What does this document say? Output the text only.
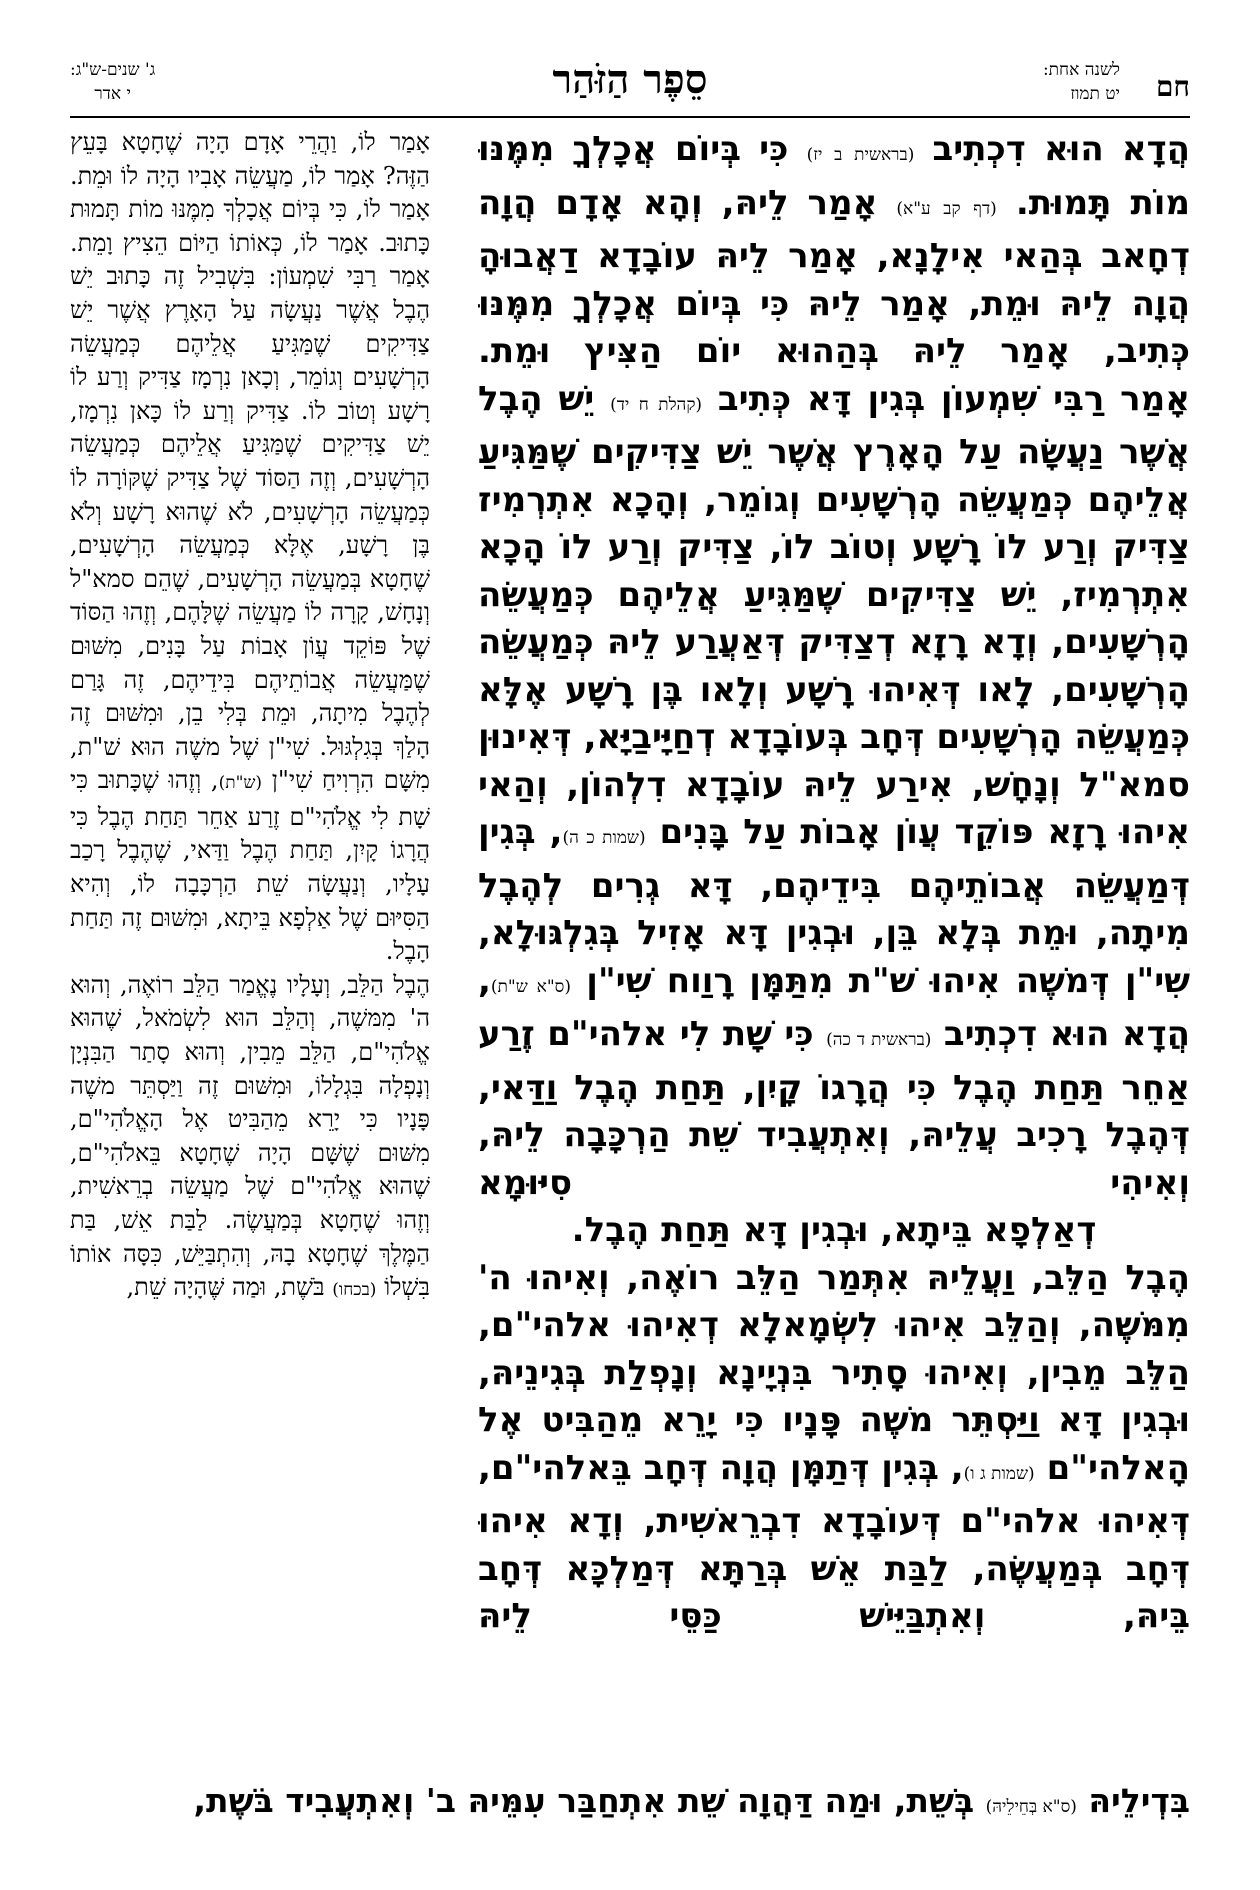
חם
לשנה אחת:
יט תמוז
סֵפֶר הַזֹּהַר
ג' שנים-ש"ג:
י אדר

הֲדָא הוּא דִכְתִיב (בראשית ב יז) כִּי בְּיוֹם אֲכָלְךָ מִמֶּנּוּ מוֹת תָּמוּת. (דף קב ע"א) אָמַר לֵיהּ, וְהָא אָדָם הֲוָה דְחָאב בְּהַאי אִילָנָא, אָמַר לֵיהּ עוֹבָדָא דַאֲבוּהָ הֲוָה לֵיהּ וּמֵת, אָמַר לֵיהּ כִּי בְּיוֹם אֲכָלְךָ מִמֶּנּוּ כְּתִיב, אָמַר לֵיהּ בְּהַהוּא יוֹם הַצִּיץ וּמֵת.

אָמַר רַבִּי שִׁמְעוֹן בְּגִין דָּא כְּתִיב (קהלת ח יד) יֵשׁ הֶבֶל אֲשֶׁר נַעֲשָׂה עַל הָאָרֶץ אֲשֶׁר יֵשׁ צַדִּיקִים שֶׁמַּגִּיעַ אֲלֵיהֶם כְּמַעֲשֵׂה הָרְשָׁעִים וְגוֹמֵר, וְהָכָא אִתְרְמִיז צַדִּיק וְרַע לוֹ רָשָׁע וְטוֹב לוֹ, צַדִּיק וְרַע לוֹ הָכָא אִתְרְמִיז, יֵשׁ צַדִּיקִים שֶׁמַּגִּיעַ אֲלֵיהֶם כְּמַעֲשֵׂה הָרְשָׁעִים, וְדָא רָזָא דְצַדִּיק דְּאַעֲרַע לֵיהּ כְּמַעֲשֵׂה הָרְשָׁעִים, לָאו דְּאִיהוּ רָשָׁע וְלָאו בֶּן רָשָׁע אֶלָּא כְּמַעֲשֵׂה הָרְשָׁעִים דְּחָב בְּעוֹבָדָא דְחַיָּיבַיָּא, דְּאִינוּן סמא"ל וְנָחָשׁ, אִירַע לֵיהּ עוֹבָדָא דִלְהוֹן, וְהַאי אִיהוּ רָזָא פּוֹקֵד עֲוֹן אָבוֹת עַל בָּנִים (שמות כ ה), בְּגִין דְּמַעֲשֵׂה אֲבוֹתֵיהֶם בִּידֵיהֶם, דָּא גְרִים לְהֶבֶל מִיתָה, וּמֵת בְּלָא בֵּן, וּבְגִין דָּא אָזִיל בְּגִלְגּוּלָא, שִׁי"ן דְּמשֶׁה אִיהוּ שׁ"ת מִתַּמָּן רָוַוח שִׁי"ן (ס"א ש"ת), הֲדָא הוּא דִכְתִיב (בראשית ד כה) כִּי שָׁת לִי אלהי"ם זֶרַע אַחֵר תַּחַת הֶבֶל כִּי הֲרָגוֹ קָיִן, תַּחַת הֶבֶל וַדַּאי, דְּהֶבֶל רָכִיב עֲלֵיהּ, וְאִתְעֲבִיד שֵׁת הַרְכָּבָה לֵיהּ, וְאִיהִי סִיּוּמָא

דְאַלְפָא בֵּיתָא, וּבְגִין דָּא תַּחַת הֶבֶל.

הֶבֶל הַלֵּב, וַעֲלֵיהּ אִתְּמַר הַלֵּב רוֹאֶה, וְאִיהוּ ה' מִמּשֶׁה, וְהַלֵּב אִיהוּ לִשְׂמָאלָא דְאִיהוּ אלהי"ם, הַלֵּב מֵבִין, וְאִיהוּ סָתִיר בִּנְיָינָא וְנָפְלַת בְּגִינֵיהּ, וּבְגִין דָּא וַיַּסְתֵּר משֶׁה פָּנָיו כִּי יָרֵא מֵהַבִּיט אֶל הָאלהי"ם (שמות ג ו), בְּגִין דְּתַמָּן הֲוָה דְּחָב בֵּאלהי"ם, דְּאִיהוּ אלהי"ם דְּעוֹבָדָא דִבְרֵאשִׁית, וְדָא אִיהוּ דְּחָב בְּמַעֲשֶׂה, לַבַּת אֵשׁ בְּרַתָּא דְּמַלְכָּא דְּחָב בֵּיהּ, וְאִתְבַּיֵּישׁ כַּסֵּי לֵיהּ

אָמַר לוֹ, וַהֲרֵי אָדָם הָיָה שֶׁחָטָא בָּעֵץ הַזֶּה? אָמַר לוֹ, מַעֲשֵׂה אָבִיו הָיָה לוֹ וּמֵת. אָמַר לוֹ, כִּי בְּיוֹם אֲכָלְךָ מִמֶּנּוּ מוֹת תָּמוּת כָּתוּב. אָמַר לוֹ, כְּאוֹתוֹ הַיּוֹם הֵצִיץ וָמֵת.

אָמַר רַבִּי שִׁמְעוֹן: בִּשְׁבִיל זֶה כָּתוּב יֵשׁ הֶבֶל אֲשֶׁר נַעֲשָׂה עַל הָאָרֶץ אֲשֶׁר יֵשׁ צַדִּיקִים שֶׁמַּגִּיעַ אֲלֵיהֶם כְּמַעֲשֵׂה הָרְשָׁעִים וְגוֹמֵר, וְכָאן נִרְמָז צַדִּיק וְרַע לוֹ רָשָׁע וְטוֹב לוֹ. צַדִּיק וְרַע לוֹ כָּאן נִרְמָז, יֵשׁ צַדִּיקִים שֶׁמַּגִּיעַ אֲלֵיהֶם כְּמַעֲשֵׂה הָרְשָׁעִים, וְזֶה הַסּוֹד שֶׁל צַדִּיק שֶׁקּוֹרָה לוֹ כְּמַעֲשֵׂה הָרְשָׁעִים, לֹא שֶׁהוּא רָשָׁע וְלֹא בֶּן רָשָׁע, אֶלָּא כְּמַעֲשֵׂה הָרְשָׁעִים, שֶׁחָטָא בְּמַעֲשֵׂה הָרְשָׁעִים, שֶׁהֵם סמא"ל וְנָחָשׁ, קָרָה לוֹ מַעֲשֵׂה שֶׁלָּהֶם, וְזֶהוּ הַסּוֹד שֶׁל פּוֹקֵד עֲוֹן אָבוֹת עַל בָּנִים, מִשּׁוּם שֶׁמַּעֲשֵׂה אֲבוֹתֵיהֶם בִּידֵיהֶם, זֶה גָּרַם לְהֶבֶל מִיתָה, וּמֵת בְּלִי בֵן, וּמִשּׁוּם זֶה הָלַךְ בְּגִלְגּוּל. שִׁי"ן שֶׁל משֶׁה הוּא שׁ"ת, מִשָּׁם הִרְוִיחַ שִׁי"ן (ש"ת), וְזֶהוּ שֶׁכָּתוּב כִּי שָׁת לִי אֱלֹהִי"ם זֶרַע אַחֵר תַּחַת הֶבֶל כִּי הֲרָגוֹ קָיִן, תַּחַת הֶבֶל וַדַּאי, שֶׁהֶבֶל רָכַב עָלָיו, וְנַעֲשָׂה שֵׁת הַרְכָּבָה לוֹ, וְהִיא הַסִּיּוּם שֶׁל אַלְפָא בֵּיתָא, וּמִשּׁוּם זֶה תַּחַת הָבֶל.

הֶבֶל הַלֵּב, וְעָלָיו נֶאֱמַר הַלֵּב רוֹאֶה, וְהוּא ה' מִמּשֶׁה, וְהַלֵּב הוּא לִשְׂמֹאל, שֶׁהוּא אֱלֹהִי"ם, הַלֵּב מֵבִין, וְהוּא סָתַר הַבִּנְיָן וְנָפְלָה בִּגְלָלוֹ, וּמִשּׁוּם זֶה וַיַּסְתֵּר משֶׁה פָּנָיו כִּי יָרֵא מֵהַבִּיט אֶל הָאֱלֹהִי"ם, מִשּׁוּם שֶׁשָּׁם הָיָה שֶׁחָטָא בֵּאלֹהִי"ם, שֶׁהוּא אֱלֹהִי"ם שֶׁל מַעֲשֵׂה בְרֵאשִׁית, וְזֶהוּ שֶׁחָטָא בְּמַעֲשֶׂה. לַבַּת אֵשׁ, בַּת הַמֶּלֶךְ שֶׁחָטָא בָהּ, וְהִתְבַּיֵּשׁ, כִּסָּה אוֹתוֹ בִּשְׁלוֹ (בכחו) בֹּשֶׁת, וּמַה שֶּׁהָיָה שֵׁת,

בִּדְילֵיהּ (ס"א בְּחֵילֵיהּ) בְּשֵׁת, וּמַה דַּהֲוָה שֵׁת אִתְחַבַּר עִמֵּיהּ ב' וְאִתְעֲבִיד בֹּשֶׁת,
